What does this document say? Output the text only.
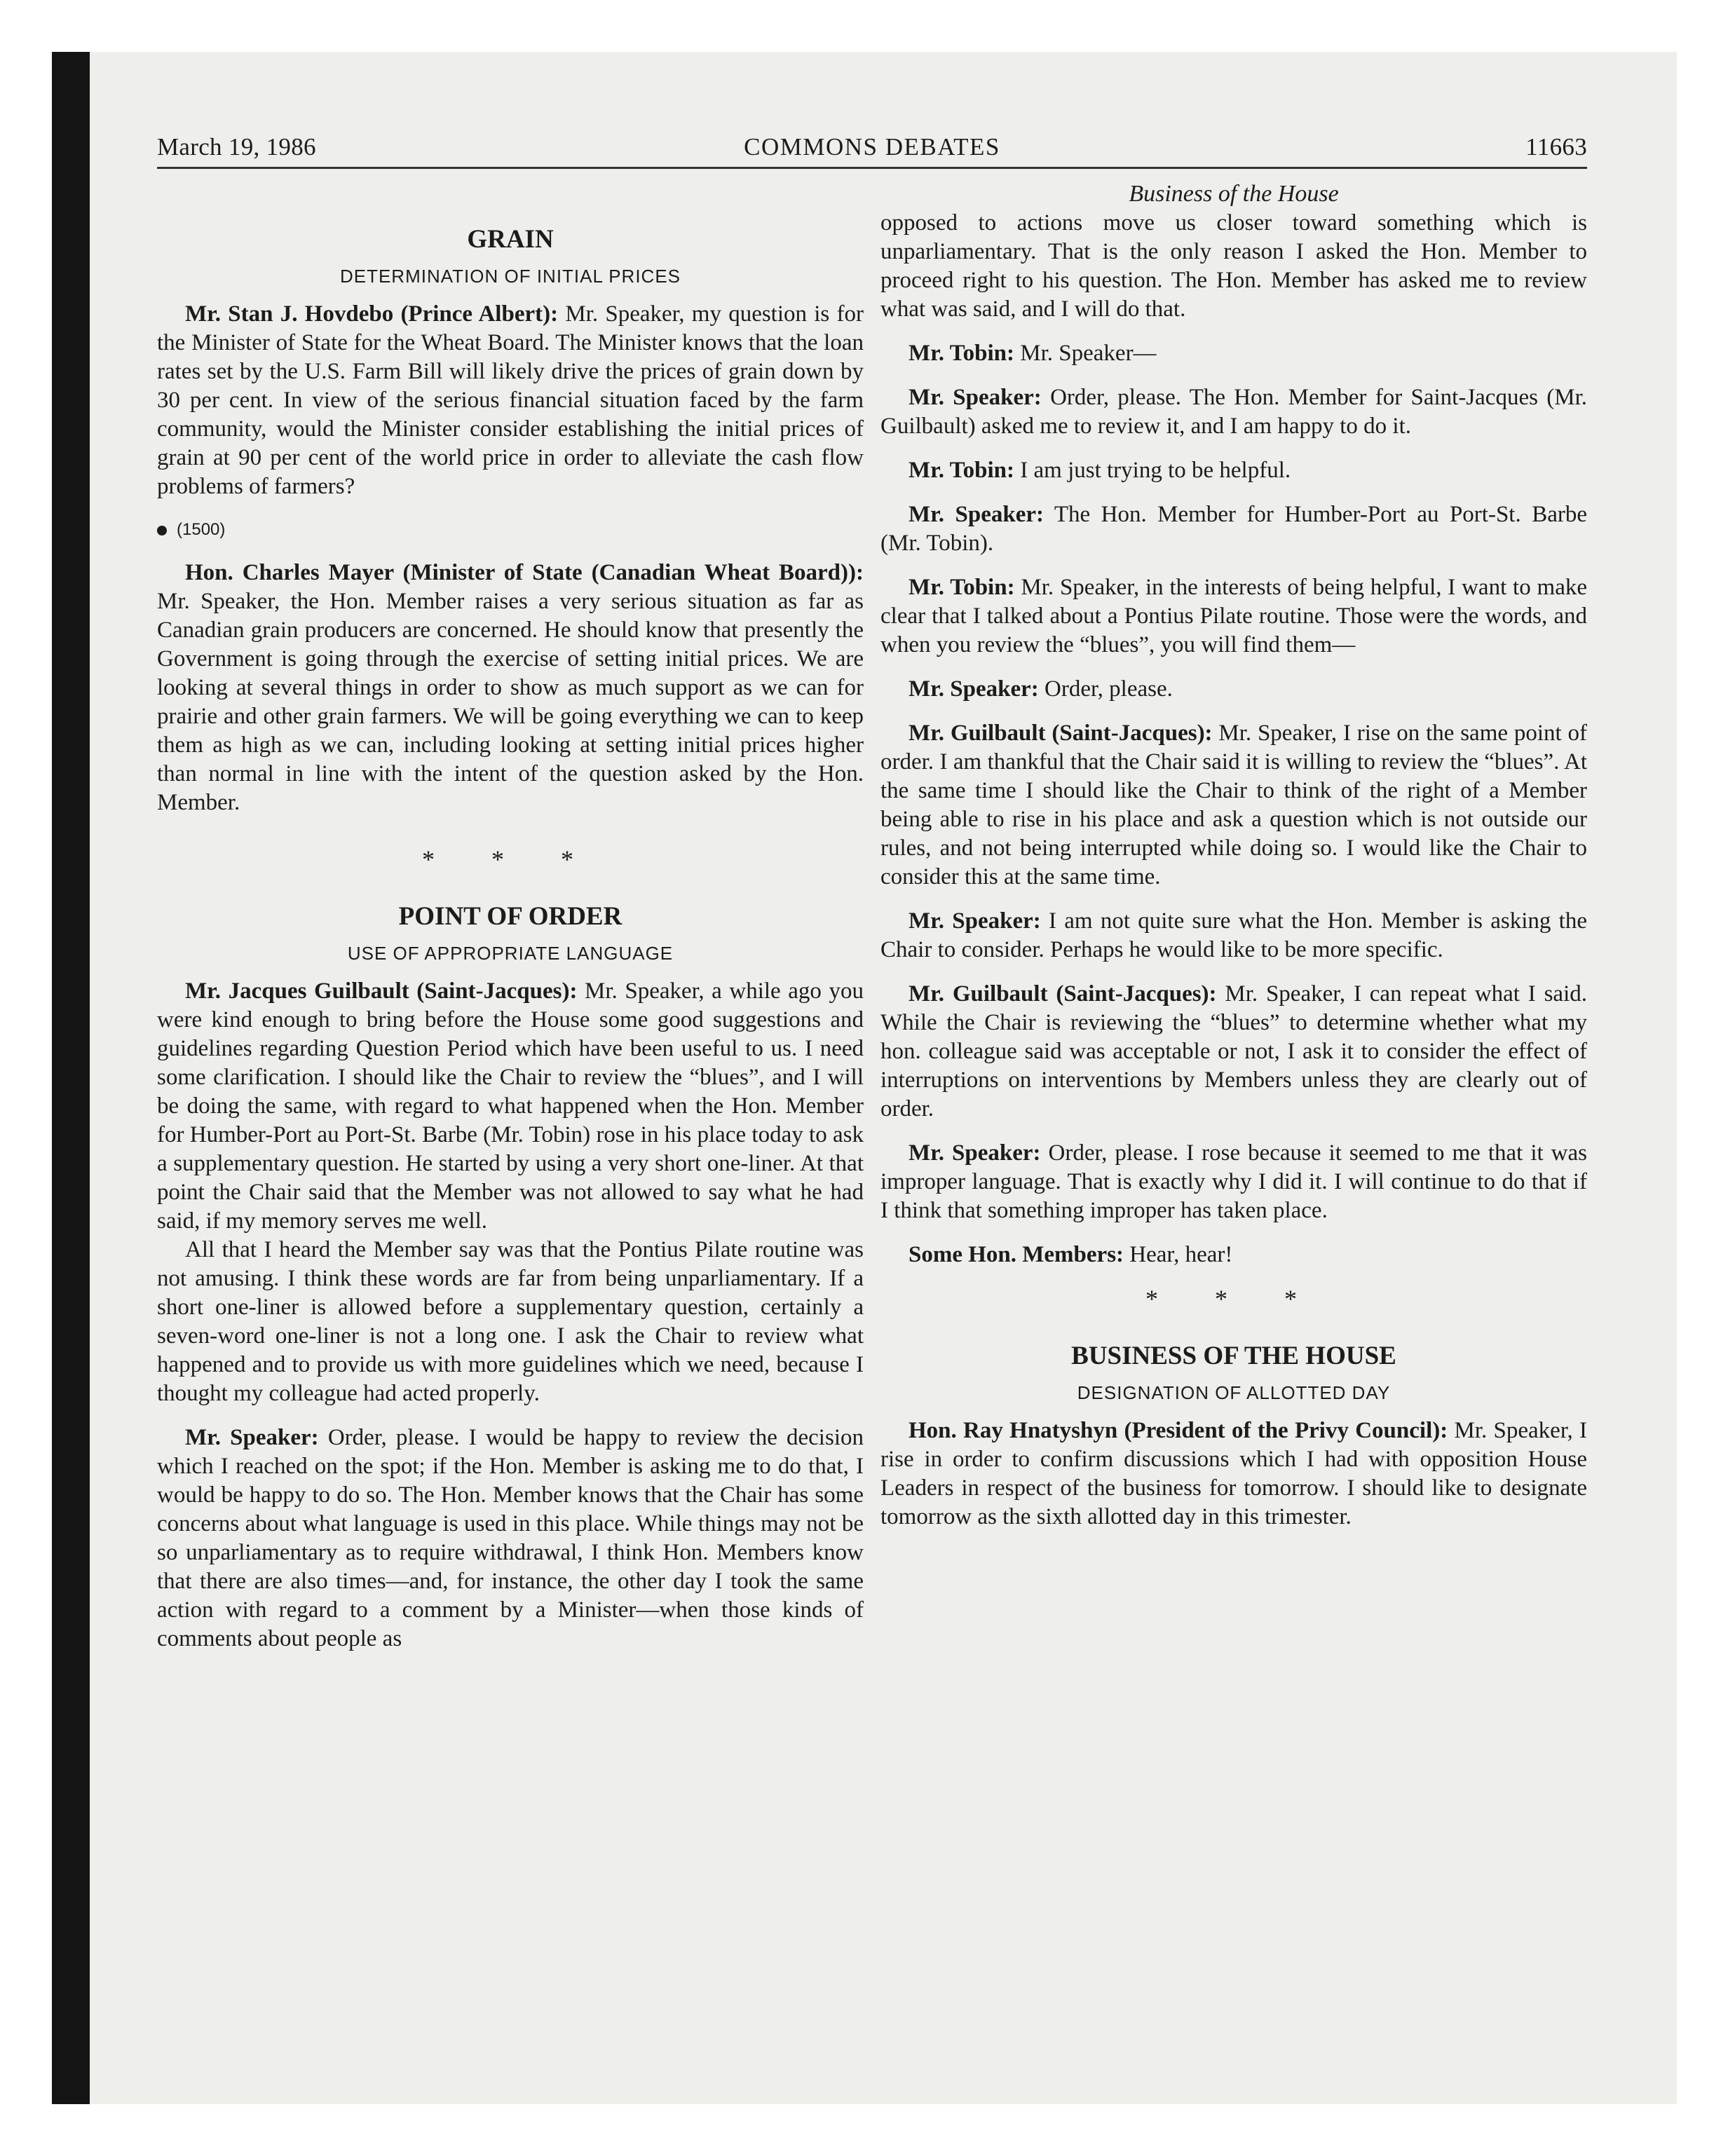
March 19, 1986	COMMONS DEBATES	11663
GRAIN
DETERMINATION OF INITIAL PRICES

Mr. Stan J. Hovdebo (Prince Albert): Mr. Speaker, my question is for the Minister of State for the Wheat Board. The Minister knows that the loan rates set by the U.S. Farm Bill will likely drive the prices of grain down by 30 per cent. In view of the serious financial situation faced by the farm community, would the Minister consider establishing the initial prices of grain at 90 per cent of the world price in order to alleviate the cash flow problems of farmers?

(1500)

Hon. Charles Mayer (Minister of State (Canadian Wheat Board)): Mr. Speaker, the Hon. Member raises a very serious situation as far as Canadian grain producers are concerned. He should know that presently the Government is going through the exercise of setting initial prices. We are looking at several things in order to show as much support as we can for prairie and other grain farmers. We will be going everything we can to keep them as high as we can, including looking at setting initial prices higher than normal in line with the intent of the question asked by the Hon. Member.

* * *
POINT OF ORDER
USE OF APPROPRIATE LANGUAGE

Mr. Jacques Guilbault (Saint-Jacques): Mr. Speaker, a while ago you were kind enough to bring before the House some good suggestions and guidelines regarding Question Period which have been useful to us. I need some clarification. I should like the Chair to review the “blues”, and I will be doing the same, with regard to what happened when the Hon. Member for Humber-Port au Port-St. Barbe (Mr. Tobin) rose in his place today to ask a supplementary question. He started by using a very short one-liner. At that point the Chair said that the Member was not allowed to say what he had said, if my memory serves me well.

All that I heard the Member say was that the Pontius Pilate routine was not amusing. I think these words are far from being unparliamentary. If a short one-liner is allowed before a supplementary question, certainly a seven-word one-liner is not a long one. I ask the Chair to review what happened and to provide us with more guidelines which we need, because I thought my colleague had acted properly.

Mr. Speaker: Order, please. I would be happy to review the decision which I reached on the spot; if the Hon. Member is asking me to do that, I would be happy to do so. The Hon. Member knows that the Chair has some concerns about what language is used in this place. While things may not be so unparliamentary as to require withdrawal, I think Hon. Members know that there are also times—and, for instance, the other day I took the same action with regard to a comment by a Minister—when those kinds of comments about people as

Business of the House

opposed to actions move us closer toward something which is unparliamentary. That is the only reason I asked the Hon. Member to proceed right to his question. The Hon. Member has asked me to review what was said, and I will do that.

Mr. Tobin: Mr. Speaker—

Mr. Speaker: Order, please. The Hon. Member for Saint-Jacques (Mr. Guilbault) asked me to review it, and I am happy to do it.

Mr. Tobin: I am just trying to be helpful.

Mr. Speaker: The Hon. Member for Humber-Port au Port-St. Barbe (Mr. Tobin).

Mr. Tobin: Mr. Speaker, in the interests of being helpful, I want to make clear that I talked about a Pontius Pilate routine. Those were the words, and when you review the “blues”, you will find them—

Mr. Speaker: Order, please.

Mr. Guilbault (Saint-Jacques): Mr. Speaker, I rise on the same point of order. I am thankful that the Chair said it is willing to review the “blues”. At the same time I should like the Chair to think of the right of a Member being able to rise in his place and ask a question which is not outside our rules, and not being interrupted while doing so. I would like the Chair to consider this at the same time.

Mr. Speaker: I am not quite sure what the Hon. Member is asking the Chair to consider. Perhaps he would like to be more specific.

Mr. Guilbault (Saint-Jacques): Mr. Speaker, I can repeat what I said. While the Chair is reviewing the “blues” to determine whether what my hon. colleague said was acceptable or not, I ask it to consider the effect of interruptions on interventions by Members unless they are clearly out of order.

Mr. Speaker: Order, please. I rose because it seemed to me that it was improper language. That is exactly why I did it. I will continue to do that if I think that something improper has taken place.

Some Hon. Members: Hear, hear!

* * *
BUSINESS OF THE HOUSE
DESIGNATION OF ALLOTTED DAY

Hon. Ray Hnatyshyn (President of the Privy Council): Mr. Speaker, I rise in order to confirm discussions which I had with opposition House Leaders in respect of the business for tomorrow. I should like to designate tomorrow as the sixth allotted day in this trimester.
